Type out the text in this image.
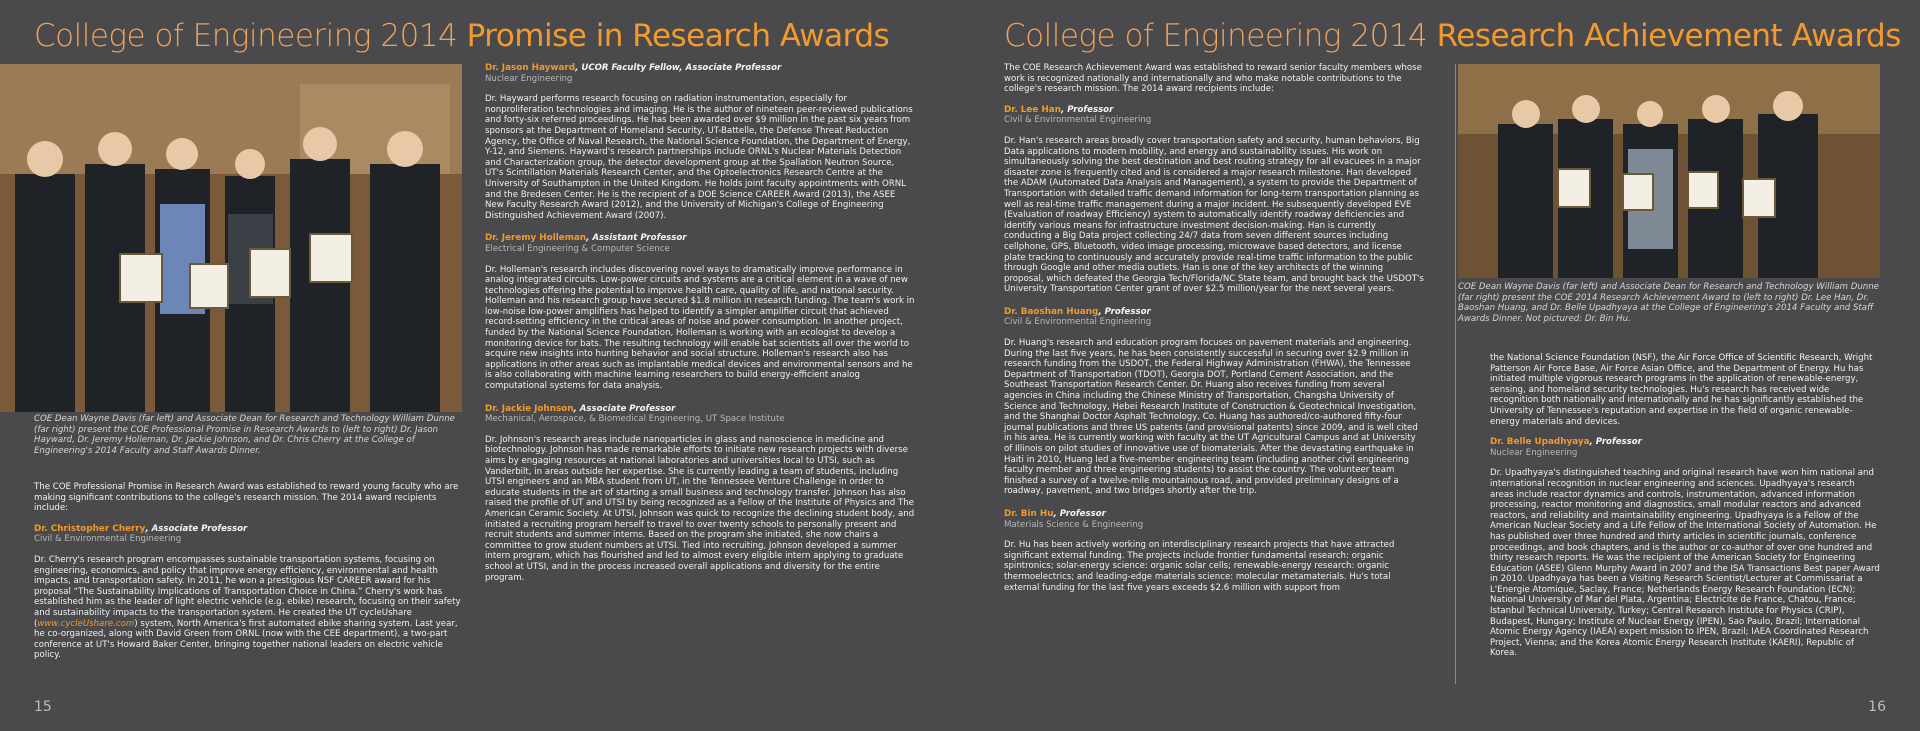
College of Engineering 2014 Promise in Research Awards

COE Dean Wayne Davis (far left) and Associate Dean for Research and Technology William Dunne (far right) present the COE Professional Promise in Research Awards to (left to right) Dr. Jason Hayward, Dr. Jeremy Holleman, Dr. Jackie Johnson, and Dr. Chris Cherry at the College of Engineering's 2014 Faculty and Staff Awards Dinner.

The COE Professional Promise in Research Award was established to reward young faculty who are making significant contributions to the college's research mission. The 2014 award recipients include:

Dr. Christopher Cherry, Associate Professor
Civil & Environmental Engineering

Dr. Cherry's research program encompasses sustainable transportation systems, focusing on engineering, economics, and policy that improve energy efficiency, environmental and health impacts, and transportation safety. In 2011, he won a prestigious NSF CAREER award for his proposal “The Sustainability Implications of Transportation Choice in China.” Cherry's work has established him as the leader of light electric vehicle (e.g. ebike) research, focusing on their safety and sustainability impacts to the transportation system. He created the UT cycleUshare (www.cycleUshare.com) system, North America's first automated ebike sharing system. Last year, he co-organized, along with David Green from ORNL (now with the CEE department), a two-part conference at UT's Howard Baker Center, bringing together national leaders on electric vehicle policy.

Dr. Jason Hayward, UCOR Faculty Fellow, Associate Professor
Nuclear Engineering

Dr. Hayward performs research focusing on radiation instrumentation, especially for nonproliferation technologies and imaging. He is the author of nineteen peer-reviewed publications and forty-six referred proceedings. He has been awarded over $9 million in the past six years from sponsors at the Department of Homeland Security, UT-Battelle, the Defense Threat Reduction Agency, the Office of Naval Research, the National Science Foundation, the Department of Energy, Y-12, and Siemens. Hayward's research partnerships include ORNL's Nuclear Materials Detection and Characterization group, the detector development group at the Spallation Neutron Source, UT's Scintillation Materials Research Center, and the Optoelectronics Research Centre at the University of Southampton in the United Kingdom. He holds joint faculty appointments with ORNL and the Bredesen Center. He is the recipient of a DOE Science CAREER Award (2013), the ASEE New Faculty Research Award (2012), and the University of Michigan's College of Engineering Distinguished Achievement Award (2007).

Dr. Jeremy Holleman, Assistant Professor
Electrical Engineering & Computer Science

Dr. Holleman's research includes discovering novel ways to dramatically improve performance in analog integrated circuits. Low-power circuits and systems are a critical element in a wave of new technologies offering the potential to improve health care, quality of life, and national security. Holleman and his research group have secured $1.8 million in research funding. The team's work in low-noise low-power amplifiers has helped to identify a simpler amplifier circuit that achieved record-setting efficiency in the critical areas of noise and power consumption. In another project, funded by the National Science Foundation, Holleman is working with an ecologist to develop a monitoring device for bats. The resulting technology will enable bat scientists all over the world to acquire new insights into hunting behavior and social structure. Holleman's research also has applications in other areas such as implantable medical devices and environmental sensors and he is also collaborating with machine learning researchers to build energy-efficient analog computational systems for data analysis.

Dr. Jackie Johnson, Associate Professor
Mechanical, Aerospace, & Biomedical Engineering, UT Space Institute

Dr. Johnson's research areas include nanoparticles in glass and nanoscience in medicine and biotechnology. Johnson has made remarkable efforts to initiate new research projects with diverse aims by engaging resources at national laboratories and universities local to UTSI, such as Vanderbilt, in areas outside her expertise. She is currently leading a team of students, including UTSI engineers and an MBA student from UT, in the Tennessee Venture Challenge in order to educate students in the art of starting a small business and technology transfer. Johnson has also raised the profile of UT and UTSI by being recognized as a Fellow of the Institute of Physics and The American Ceramic Society. At UTSI, Johnson was quick to recognize the declining student body, and initiated a recruiting program herself to travel to over twenty schools to personally present and recruit students and summer interns. Based on the program she initiated, she now chairs a committee to grow student numbers at UTSI. Tied into recruiting, Johnson developed a summer intern program, which has flourished and led to almost every eligible intern applying to graduate school at UTSI, and in the process increased overall applications and diversity for the entire program.

15
College of Engineering 2014 Research Achievement Awards

The COE Research Achievement Award was established to reward senior faculty members whose work is recognized nationally and internationally and who make notable contributions to the college's research mission. The 2014 award recipients include:

Dr. Lee Han, Professor
Civil & Environmental Engineering

Dr. Han's research areas broadly cover transportation safety and security, human behaviors, Big Data applications to modern mobility, and energy and sustainability issues. His work on simultaneously solving the best destination and best routing strategy for all evacuees in a major disaster zone is frequently cited and is considered a major research milestone. Han developed the ADAM (Automated Data Analysis and Management), a system to provide the Department of Transportation with detailed traffic demand information for long-term transportation planning as well as real-time traffic management during a major incident. He subsequently developed EVE (Evaluation of roadway Efficiency) system to automatically identify roadway deficiencies and identify various means for infrastructure investment decision-making. Han is currently conducting a Big Data project collecting 24/7 data from seven different sources including cellphone, GPS, Bluetooth, video image processing, microwave based detectors, and license plate tracking to continuously and accurately provide real-time traffic information to the public through Google and other media outlets. Han is one of the key architects of the winning proposal, which defeated the Georgia Tech/Florida/NC State team, and brought back the USDOT's University Transportation Center grant of over $2.5 million/year for the next several years.

Dr. Baoshan Huang, Professor
Civil & Environmental Engineering

Dr. Huang's research and education program focuses on pavement materials and engineering. During the last five years, he has been consistently successful in securing over $2.9 million in research funding from the USDOT, the Federal Highway Administration (FHWA), the Tennessee Department of Transportation (TDOT), Georgia DOT, Portland Cement Association, and the Southeast Transportation Research Center. Dr. Huang also receives funding from several agencies in China including the Chinese Ministry of Transportation, Changsha University of Science and Technology, Hebei Research Institute of Construction & Geotechnical Investigation, and the Shanghai Doctor Asphalt Technology, Co. Huang has authored/co-authored fifty-four journal publications and three US patents (and provisional patents) since 2009, and is well cited in his area. He is currently working with faculty at the UT Agricultural Campus and at University of Illinois on pilot studies of innovative use of biomaterials. After the devastating earthquake in Haiti in 2010, Huang led a five-member engineering team (including another civil engineering faculty member and three engineering students) to assist the country. The volunteer team finished a survey of a twelve-mile mountainous road, and provided preliminary designs of a roadway, pavement, and two bridges shortly after the trip.

Dr. Bin Hu, Professor
Materials Science & Engineering

Dr. Hu has been actively working on interdisciplinary research projects that have attracted significant external funding. The projects include frontier fundamental research: organic spintronics; solar-energy science: organic solar cells; renewable-energy research: organic thermoelectrics; and leading-edge materials science: molecular metamaterials. Hu's total external funding for the last five years exceeds $2.6 million with support from

COE Dean Wayne Davis (far left) and Associate Dean for Research and Technology William Dunne (far right) present the COE 2014 Research Achievement Award to (left to right) Dr. Lee Han, Dr. Baoshan Huang, and Dr. Belle Upadhyaya at the College of Engineering's 2014 Faculty and Staff Awards Dinner. Not pictured: Dr. Bin Hu.

the National Science Foundation (NSF), the Air Force Office of Scientific Research, Wright Patterson Air Force Base, Air Force Asian Office, and the Department of Energy. Hu has initiated multiple vigorous research programs in the application of renewable-energy, sensing, and homeland security technologies. Hu's research has received wide recognition both nationally and internationally and he has significantly established the University of Tennessee's reputation and expertise in the field of organic renewable-energy materials and devices.

Dr. Belle Upadhyaya, Professor
Nuclear Engineering

Dr. Upadhyaya's distinguished teaching and original research have won him national and international recognition in nuclear engineering and sciences. Upadhyaya's research areas include reactor dynamics and controls, instrumentation, advanced information processing, reactor monitoring and diagnostics, small modular reactors and advanced reactors, and reliability and maintainability engineering. Upadhyaya is a Fellow of the American Nuclear Society and a Life Fellow of the International Society of Automation. He has published over three hundred and thirty articles in scientific journals, conference proceedings, and book chapters, and is the author or co-author of over one hundred and thirty research reports. He was the recipient of the American Society for Engineering Education (ASEE) Glenn Murphy Award in 2007 and the ISA Transactions Best paper Award in 2010. Upadhyaya has been a Visiting Research Scientist/Lecturer at Commissariat a L'Energie Atomique, Saclay, France; Netherlands Energy Research Foundation (ECN); National University of Mar del Plata, Argentina; Electricite de France, Chatou, France; Istanbul Technical University, Turkey; Central Research Institute for Physics (CRIP), Budapest, Hungary; Institute of Nuclear Energy (IPEN), Sao Paulo, Brazil; International Atomic Energy Agency (IAEA) expert mission to IPEN, Brazil; IAEA Coordinated Research Project, Vienna; and the Korea Atomic Energy Research Institute (KAERI), Republic of Korea.

16
